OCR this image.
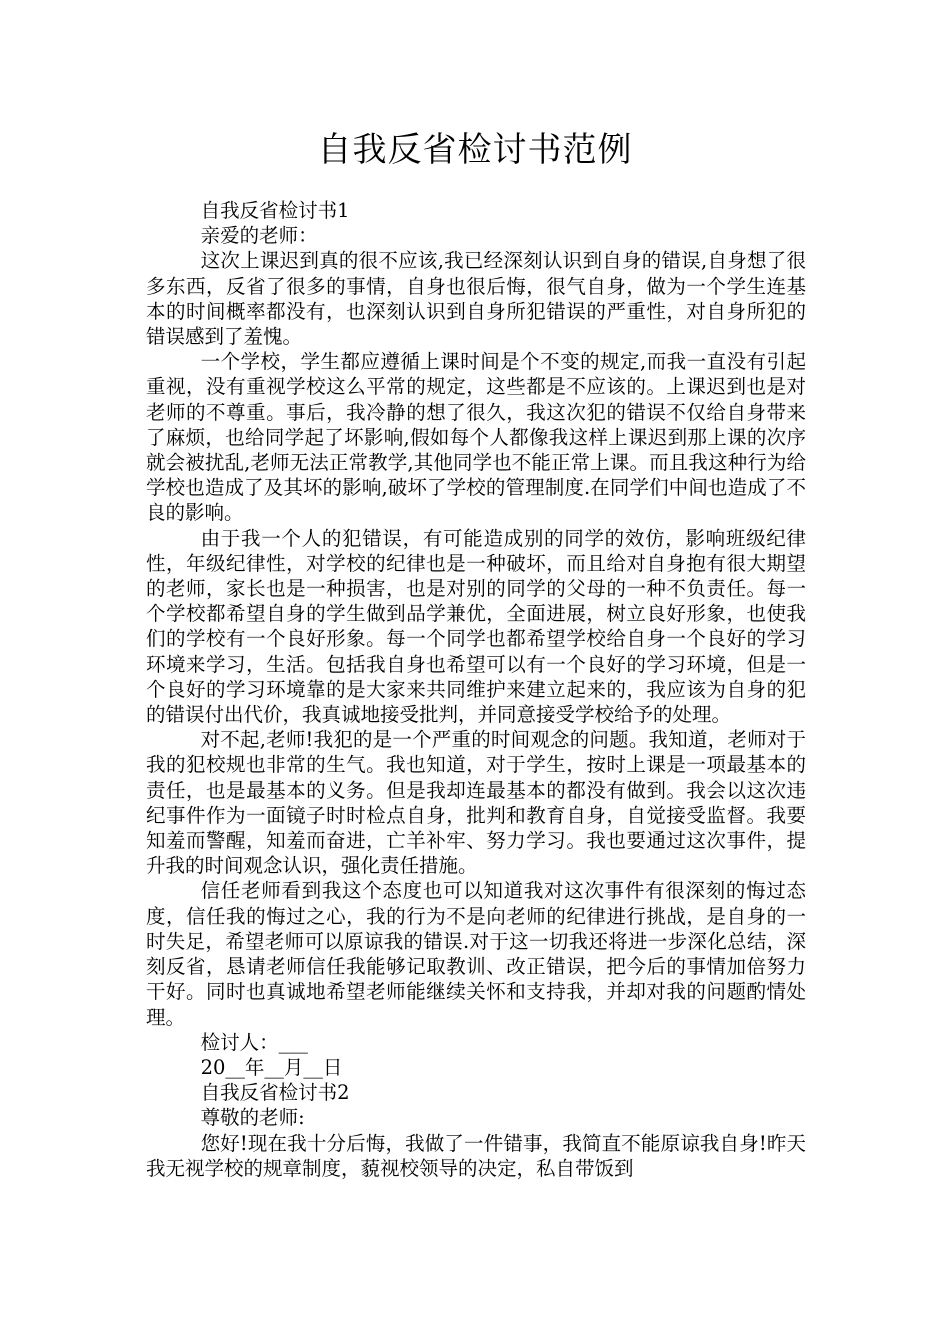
自我反省检讨书范例

自我反省检讨书1

亲爱的老师：

这次上课迟到真的很不应该,我已经深刻认识到自身的错误,自身想了很多东西，反省了很多的事情，自身也很后悔，很气自身，做为一个学生连基本的时间概率都没有，也深刻认识到自身所犯错误的严重性，对自身所犯的错误感到了羞愧。

一个学校，学生都应遵循上课时间是个不变的规定,而我一直没有引起重视，没有重视学校这么平常的规定，这些都是不应该的。上课迟到也是对老师的不尊重。事后，我冷静的想了很久，我这次犯的错误不仅给自身带来了麻烦，也给同学起了坏影响,假如每个人都像我这样上课迟到那上课的次序就会被扰乱,老师无法正常教学,其他同学也不能正常上课。而且我这种行为给学校也造成了及其坏的影响,破坏了学校的管理制度.在同学们中间也造成了不良的影响。

由于我一个人的犯错误，有可能造成别的同学的效仿，影响班级纪律性，年级纪律性，对学校的纪律也是一种破坏，而且给对自身抱有很大期望的老师，家长也是一种损害，也是对别的同学的父母的一种不负责任。每一个学校都希望自身的学生做到品学兼优，全面进展，树立良好形象，也使我们的学校有一个良好形象。每一个同学也都希望学校给自身一个良好的学习环境来学习，生活。包括我自身也希望可以有一个良好的学习环境，但是一个良好的学习环境靠的是大家来共同维护来建立起来的，我应该为自身的犯的错误付出代价，我真诚地接受批判，并同意接受学校给予的处理。

对不起,老师!我犯的是一个严重的时间观念的问题。我知道，老师对于我的犯校规也非常的生气。我也知道，对于学生，按时上课是一项最基本的责任，也是最基本的义务。但是我却连最基本的都没有做到。我会以这次违纪事件作为一面镜子时时检点自身，批判和教育自身，自觉接受监督。我要知羞而警醒，知羞而奋进，亡羊补牢、努力学习。我也要通过这次事件，提升我的时间观念认识，强化责任措施。

信任老师看到我这个态度也可以知道我对这次事件有很深刻的悔过态度，信任我的悔过之心，我的行为不是向老师的纪律进行挑战，是自身的一时失足，希望老师可以原谅我的错误.对于这一切我还将进一步深化总结，深刻反省，恳请老师信任我能够记取教训、改正错误，把今后的事情加倍努力干好。同时也真诚地希望老师能继续关怀和支持我，并却对我的问题酌情处理。

检讨人：___

20__年__月__日

自我反省检讨书2

尊敬的老师:

您好!现在我十分后悔，我做了一件错事，我简直不能原谅我自身!昨天我无视学校的规章制度，藐视校领导的决定，私自带饭到
